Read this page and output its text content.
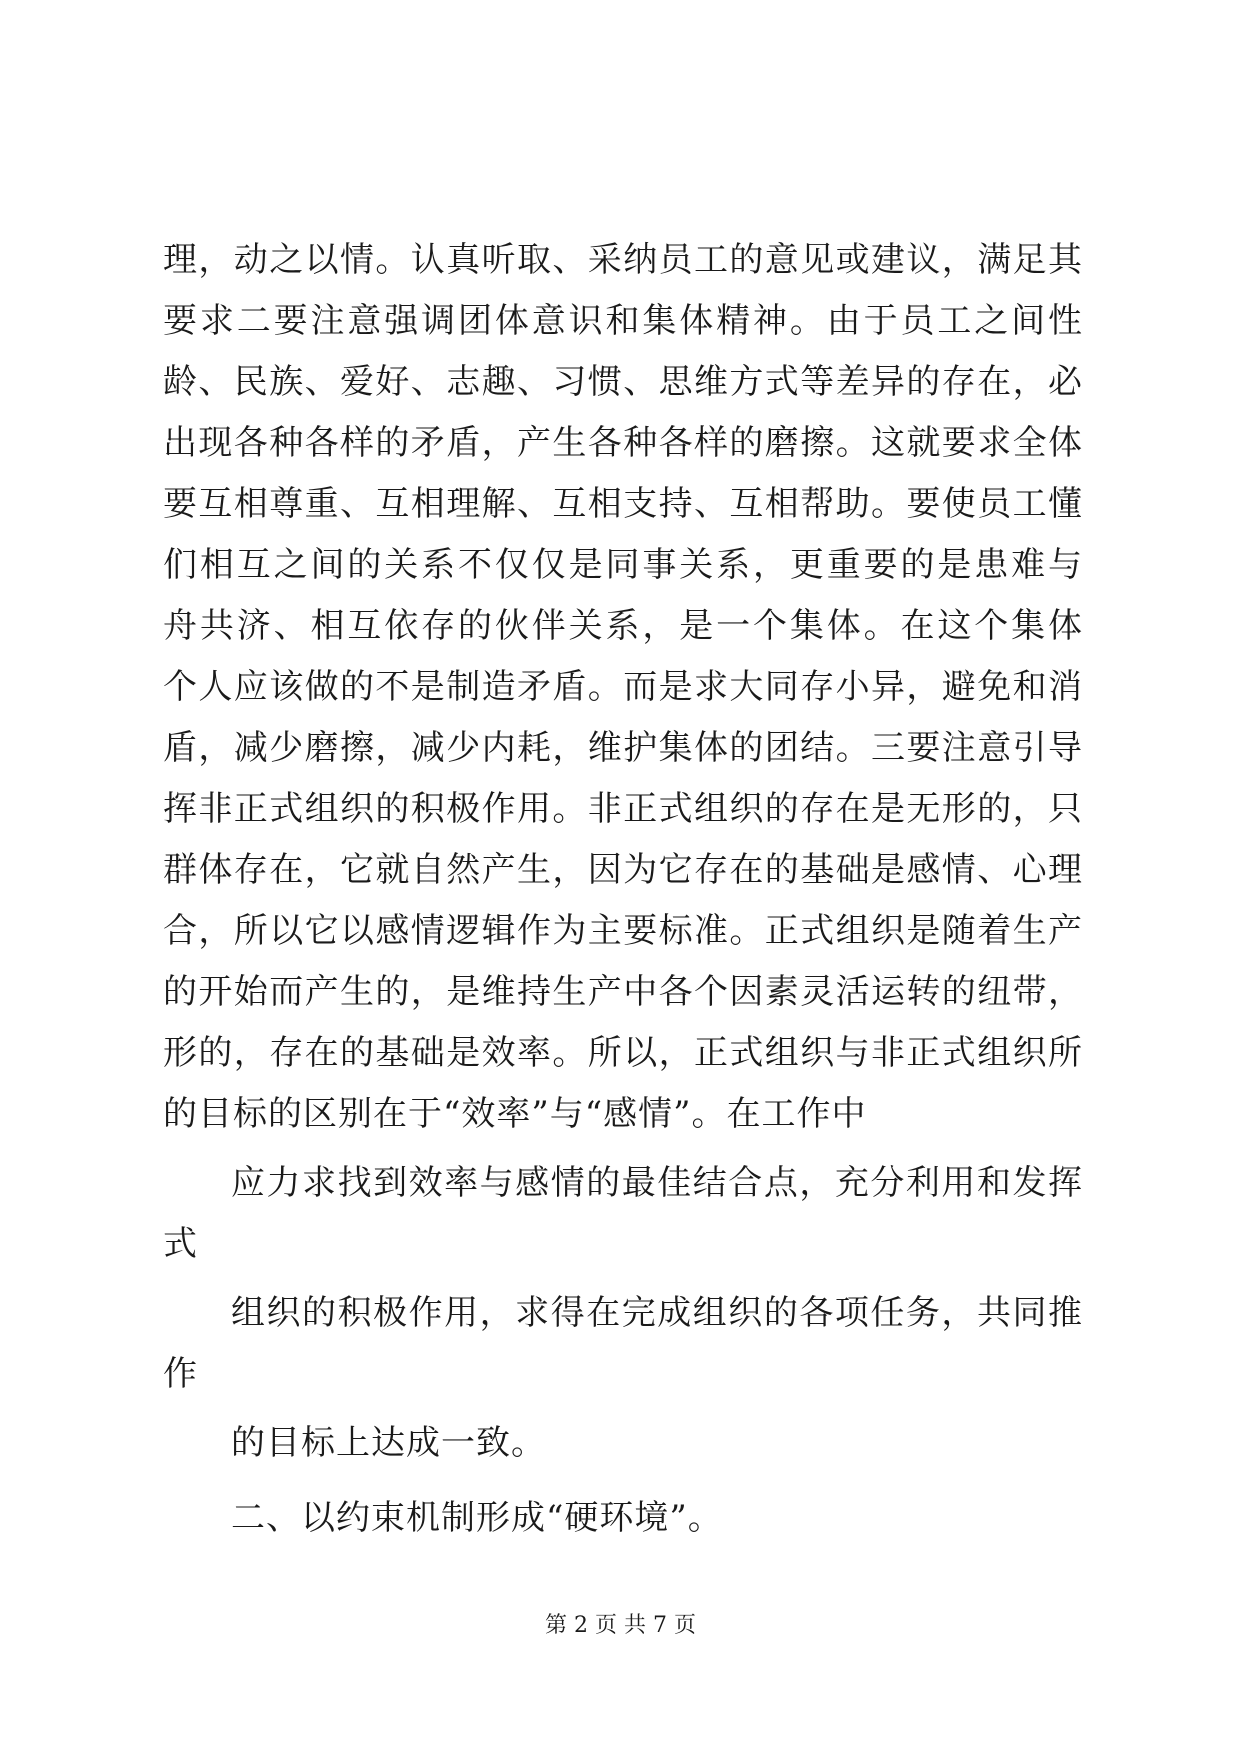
理，动之以情。认真听取、采纳员工的意见或建议，满足其
要求二要注意强调团体意识和集体精神。由于员工之间性
龄、民族、爱好、志趣、习惯、思维方式等差异的存在，必
出现各种各样的矛盾，产生各种各样的磨擦。这就要求全体
要互相尊重、互相理解、互相支持、互相帮助。要使员工懂
们相互之间的关系不仅仅是同事关系，更重要的是患难与
舟共济、相互依存的伙伴关系，是一个集体。在这个集体
个人应该做的不是制造矛盾。而是求大同存小异，避免和消
盾，减少磨擦，减少内耗，维护集体的团结。三要注意引导
挥非正式组织的积极作用。非正式组织的存在是无形的，只
群体存在，它就自然产生，因为它存在的基础是感情、心理
合，所以它以感情逻辑作为主要标准。正式组织是随着生产
的开始而产生的，是维持生产中各个因素灵活运转的纽带，
形的，存在的基础是效率。所以，正式组织与非正式组织所
的目标的区别在于“效率”与“感情”。在工作中
应力求找到效率与感情的最佳结合点，充分利用和发挥
式
组织的积极作用，求得在完成组织的各项任务，共同推
作
的目标上达成一致。
二、以约束机制形成“硬环境”。
第 2 页 共 7 页
